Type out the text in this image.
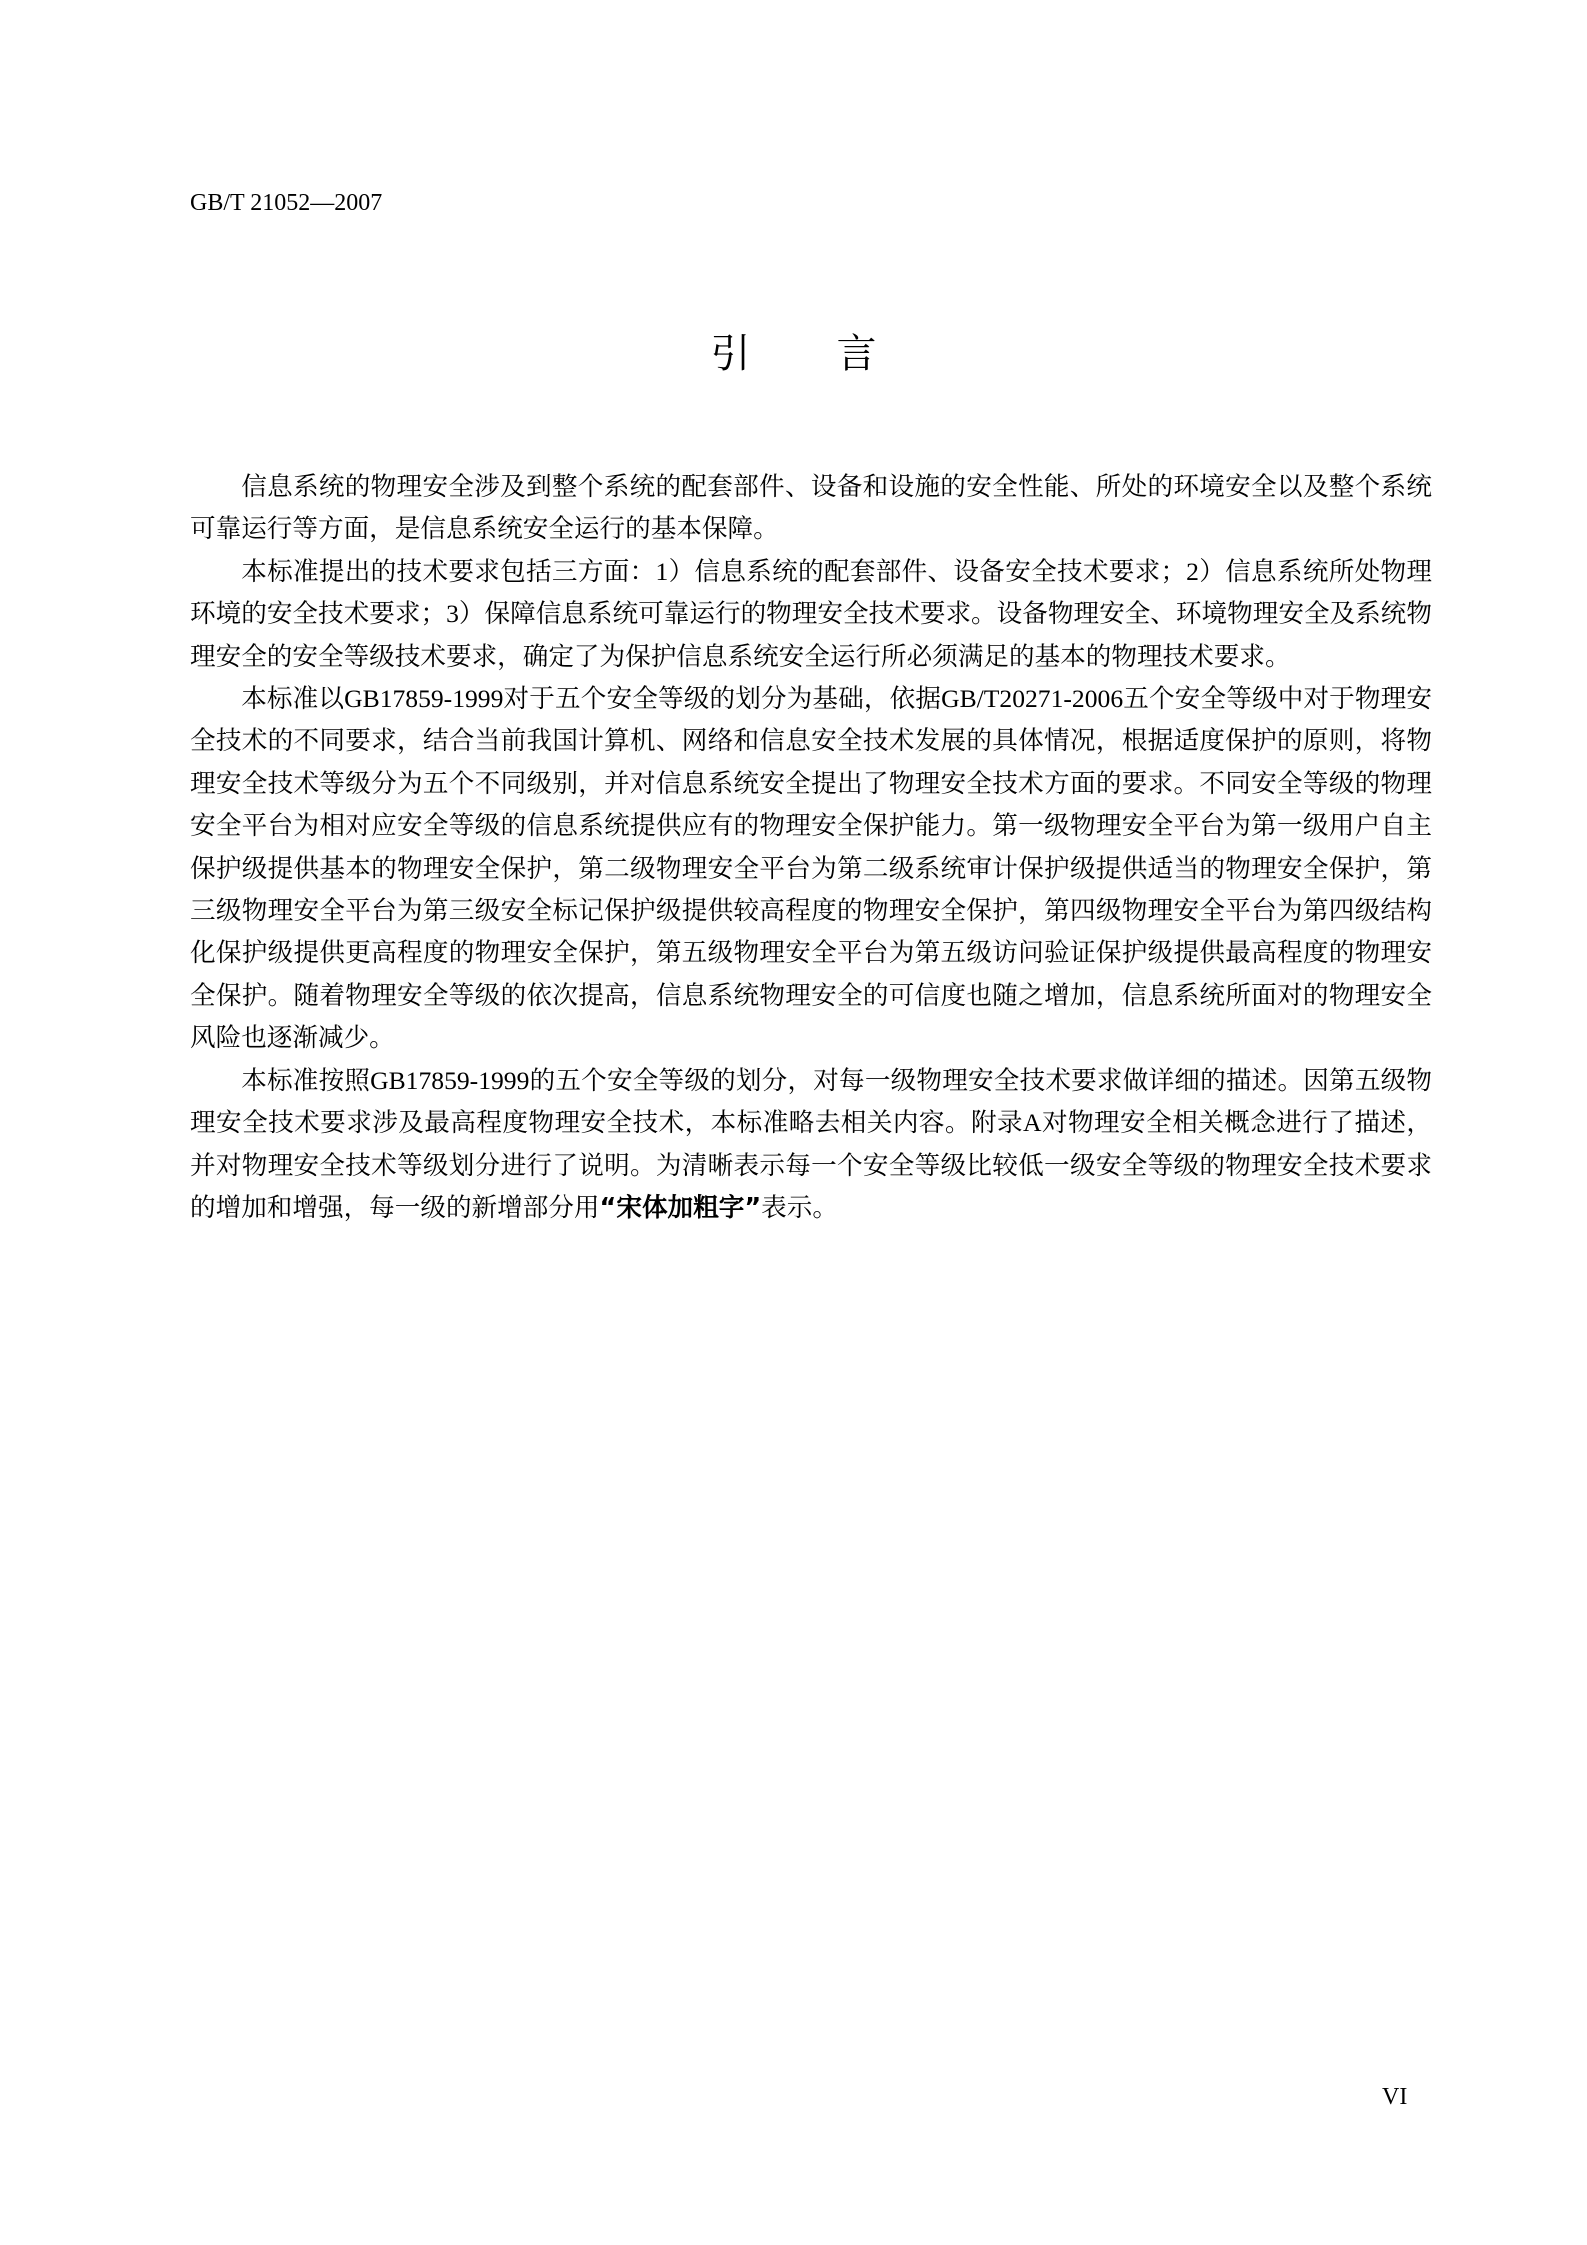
GB/T 21052—2007
引 言

信息系统的物理安全涉及到整个系统的配套部件、设备和设施的安全性能、所处的环境安全以及整个系统可靠运行等方面，是信息系统安全运行的基本保障。

本标准提出的技术要求包括三方面：1）信息系统的配套部件、设备安全技术要求；2）信息系统所处物理环境的安全技术要求；3）保障信息系统可靠运行的物理安全技术要求。设备物理安全、环境物理安全及系统物理安全的安全等级技术要求，确定了为保护信息系统安全运行所必须满足的基本的物理技术要求。

本标准以GB17859-1999对于五个安全等级的划分为基础，依据GB/T20271-2006五个安全等级中对于物理安全技术的不同要求，结合当前我国计算机、网络和信息安全技术发展的具体情况，根据适度保护的原则，将物理安全技术等级分为五个不同级别，并对信息系统安全提出了物理安全技术方面的要求。不同安全等级的物理安全平台为相对应安全等级的信息系统提供应有的物理安全保护能力。第一级物理安全平台为第一级用户自主保护级提供基本的物理安全保护，第二级物理安全平台为第二级系统审计保护级提供适当的物理安全保护，第三级物理安全平台为第三级安全标记保护级提供较高程度的物理安全保护，第四级物理安全平台为第四级结构化保护级提供更高程度的物理安全保护，第五级物理安全平台为第五级访问验证保护级提供最高程度的物理安全保护。随着物理安全等级的依次提高，信息系统物理安全的可信度也随之增加，信息系统所面对的物理安全风险也逐渐减少。

本标准按照GB17859-1999的五个安全等级的划分，对每一级物理安全技术要求做详细的描述。因第五级物理安全技术要求涉及最高程度物理安全技术，本标准略去相关内容。附录A对物理安全相关概念进行了描述，并对物理安全技术等级划分进行了说明。为清晰表示每一个安全等级比较低一级安全等级的物理安全技术要求的增加和增强，每一级的新增部分用“宋体加粗字”表示。

VI
